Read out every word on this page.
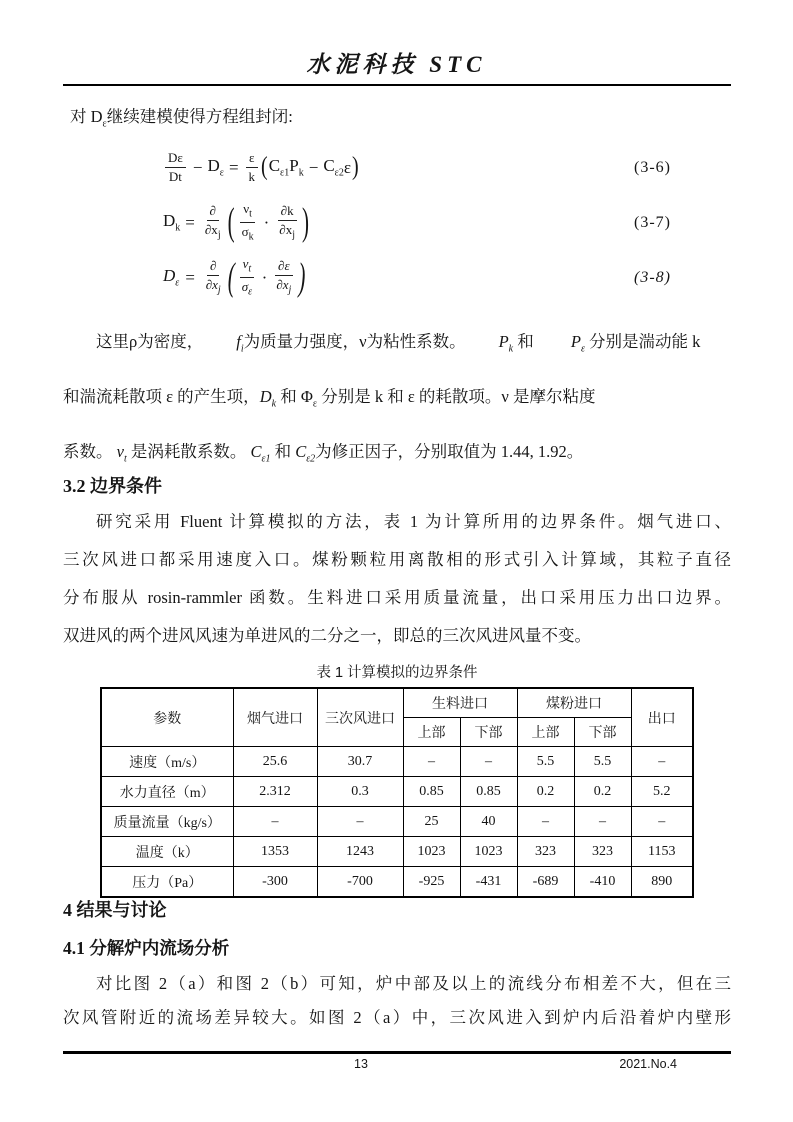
水泥科技 STC
对 $D_\varepsilon$继续建模使得方程组封闭:
$\frac{D\varepsilon}{Dt} - D_\varepsilon = \frac{\varepsilon}{k}$ ( $C_{\varepsilon 1}$ $P_k - C_{\varepsilon 2}$ ε )	(3-6)
$D_k = \frac{\partial}{\partial x_j}$ ( $\frac{\nu_t}{\sigma_k} \cdot \frac{\partial k}{\partial x_j}$ )	(3-7)
$D_\varepsilon = \frac{\partial}{\partial x_j}$ ( $\frac{\nu_t}{\sigma_\varepsilon} \cdot \frac{\partial\varepsilon}{\partial x_j}$ )	(3-8)
这里ρ为密度， $f_i$为质量力强度，ν为粘性系数。 $P_k$ 和 $P_\varepsilon$ 分别是湍动能 k
和湍流耗散项 ε 的产生项，$D_k$ 和 $\Phi_\varepsilon$ 分别是 k 和 ε 的耗散项。ν 是摩尔粘度
系数。 $\nu_t$ 是涡耗散系数。 $C_{\varepsilon 1}$ 和 $C_{\varepsilon 2}$为修正因子，分别取值为 1.44, 1.92。
3.2 边界条件
研究采用 Fluent 计算模拟的方法，表 1 为计算所用的边界条件。烟气进口、
三次风进口都采用速度入口。煤粉颗粒用离散相的形式引入计算域，其粒子直径
分布服从 rosin-rammler 函数。生料进口采用质量流量，出口采用压力出口边界。
双进风的两个进风风速为单进风的二分之一，即总的三次风进风量不变。
表 1 计算模拟的边界条件
参数	烟气进口	三次风进口	生料进口		煤粉进口		出口
			上部	下部	上部	下部	
速度（m/s）	25.6	30.7	–	–	5.5	5.5	–
水力直径（m）	2.312	0.3	0.85	0.85	0.2	0.2	5.2
质量流量（kg/s）	–	–	25	40	–	–	–
温度（k）	1353	1243	1023	1023	323	323	1153
压力（Pa）	-300	-700	-925	-431	-689	-410	890
4 结果与讨论
4.1 分解炉内流场分析
对比图 2（a）和图 2（b）可知，炉中部及以上的流线分布相差不大，但在三
次风管附近的流场差异较大。如图 2（a）中，三次风进入到炉内后沿着炉内壁形
13	2021.No.4
